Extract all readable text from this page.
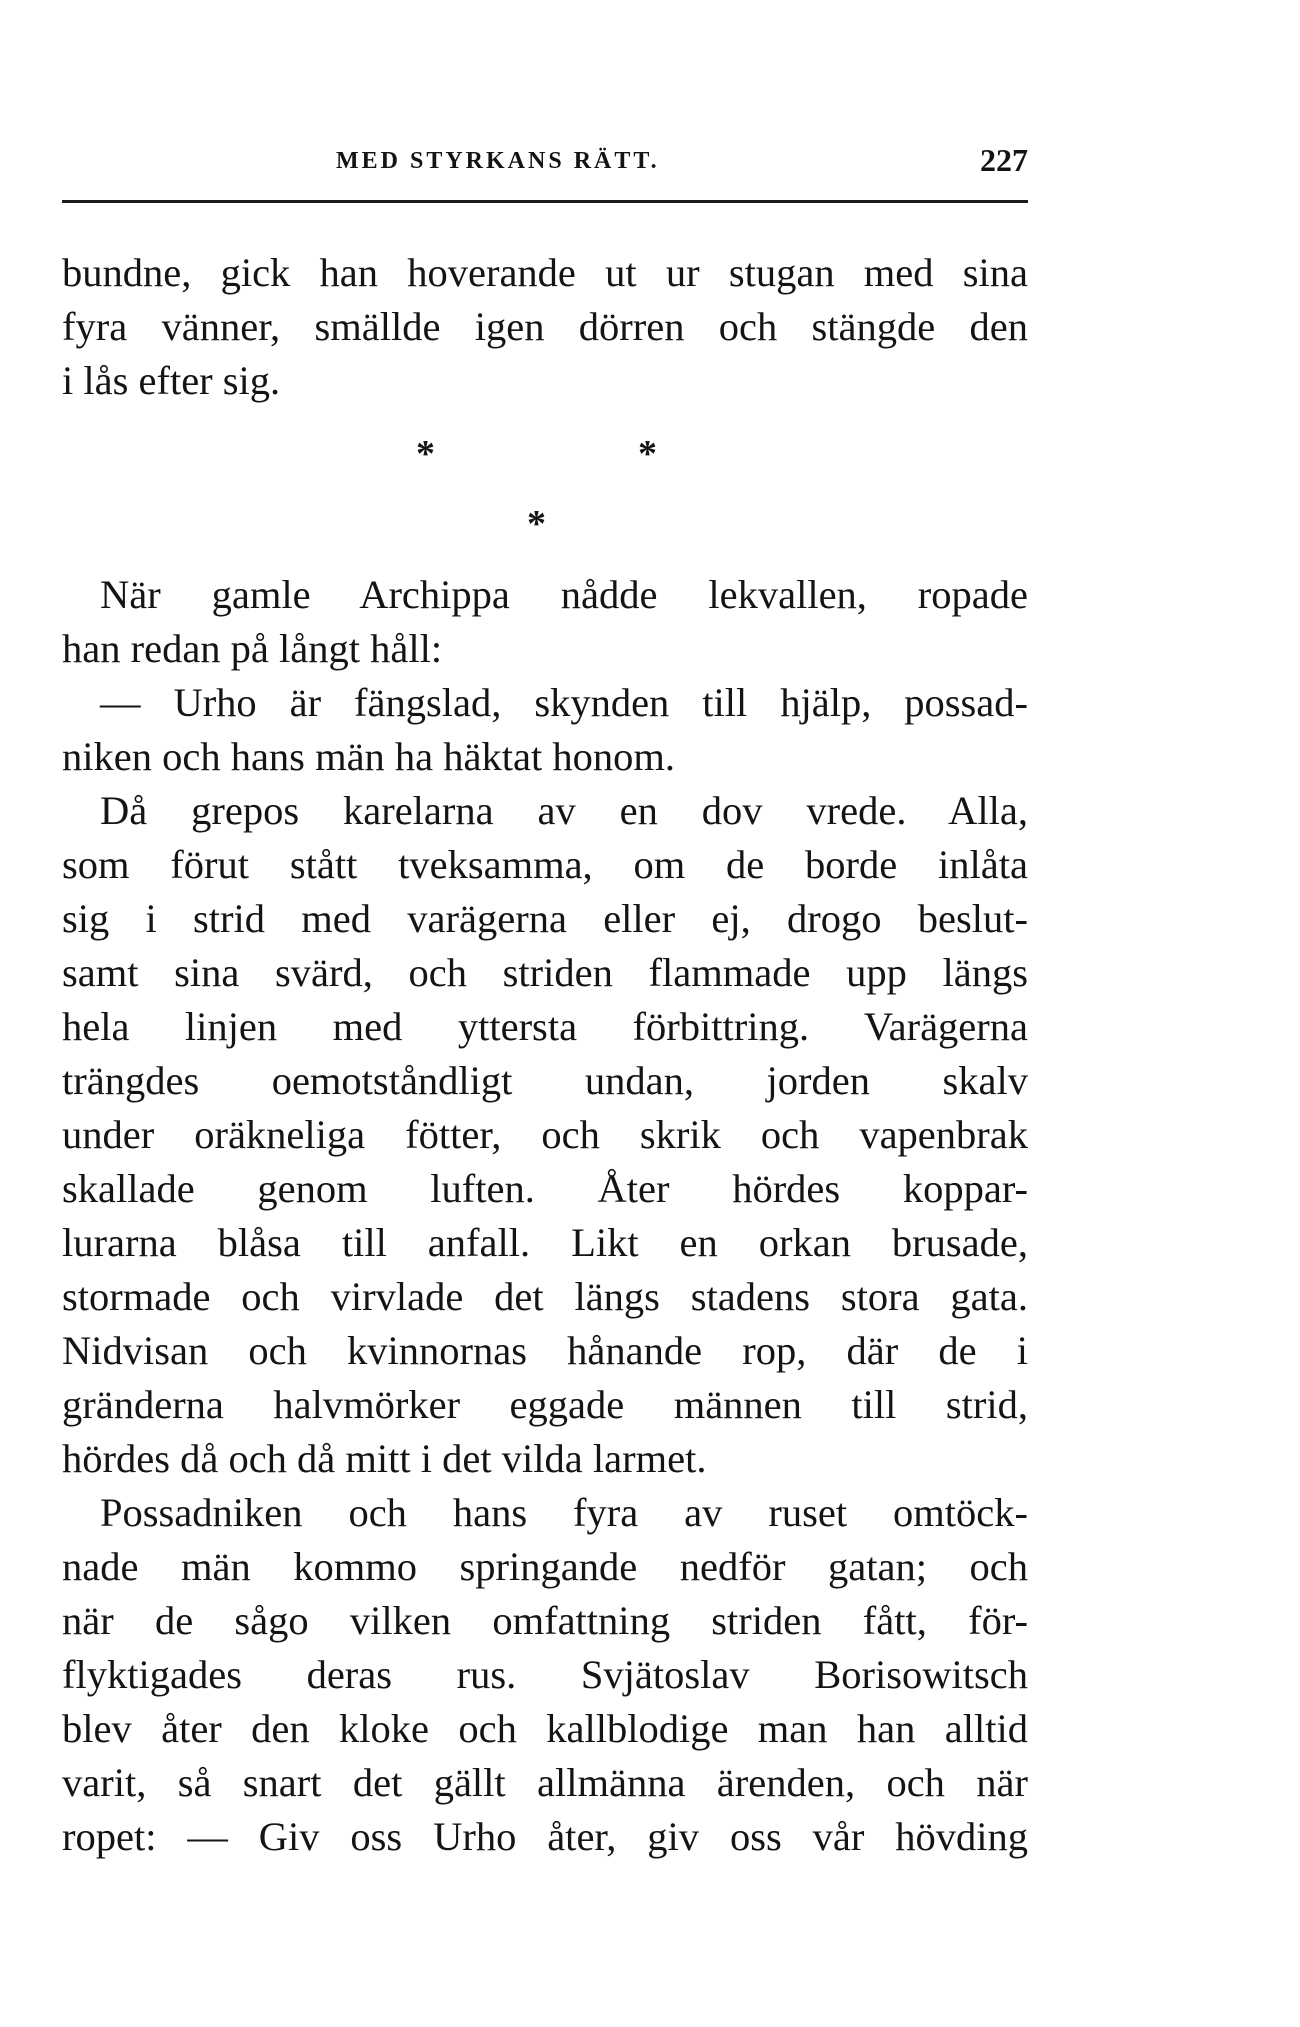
MED STYRKANS RÄTT.	227
bundne, gick han hoverande ut ur stugan med sina
fyra vänner, smällde igen dörren och stängde den
i lås efter sig.
*	*
*
När gamle Archippa nådde lekvallen, ropade
han redan på långt håll:
— Urho är fängslad, skynden till hjälp, possad-
niken och hans män ha häktat honom.
Då grepos karelarna av en dov vrede. Alla,
som förut stått tveksamma, om de borde inlåta
sig i strid med varägerna eller ej, drogo beslut-
samt sina svärd, och striden flammade upp längs
hela linjen med yttersta förbittring. Varägerna
trängdes oemotståndligt undan, jorden skalv
under oräkneliga fötter, och skrik och vapenbrak
skallade genom luften. Åter hördes koppar-
lurarna blåsa till anfall. Likt en orkan brusade,
stormade och virvlade det längs stadens stora gata.
Nidvisan och kvinnornas hånande rop, där de i
gränderna halvmörker eggade männen till strid,
hördes då och då mitt i det vilda larmet.
Possadniken och hans fyra av ruset omtöck-
nade män kommo springande nedför gatan; och
när de sågo vilken omfattning striden fått, för-
flyktigades deras rus. Svjätoslav Borisowitsch
blev åter den kloke och kallblodige man han alltid
varit, så snart det gällt allmänna ärenden, och när
ropet: — Giv oss Urho åter, giv oss vår hövding
